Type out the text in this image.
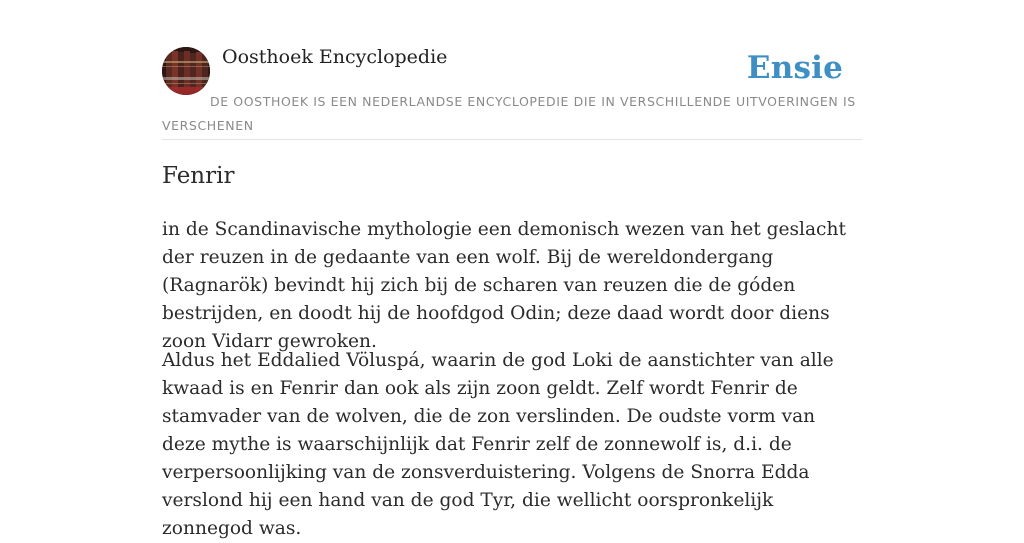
Oosthoek Encyclopedie	Ensie
DE OOSTHOEK IS EEN NEDERLANDSE ENCYCLOPEDIE DIE IN VERSCHILLENDE UITVOERINGEN IS VERSCHENEN
Fenrir

in de Scandinavische mythologie een demonisch wezen van het geslacht der reuzen in de gedaante van een wolf. Bij de wereldondergang (Ragnarök) bevindt hij zich bij de scharen van reuzen die de góden bestrijden, en doodt hij de hoofdgod Odin; deze daad wordt door diens zoon Vidarr gewroken.

Aldus het Eddalied Völuspá, waarin de god Loki de aanstichter van alle kwaad is en Fenrir dan ook als zijn zoon geldt. Zelf wordt Fenrir de stamvader van de wolven, die de zon verslinden. De oudste vorm van deze mythe is waarschijnlijk dat Fenrir zelf de zonnewolf is, d.i. de verpersoonlijking van de zonsverduistering. Volgens de Snorra Edda verslond hij een hand van de god Tyr, die wellicht oorspronkelijk zonnegod was.
